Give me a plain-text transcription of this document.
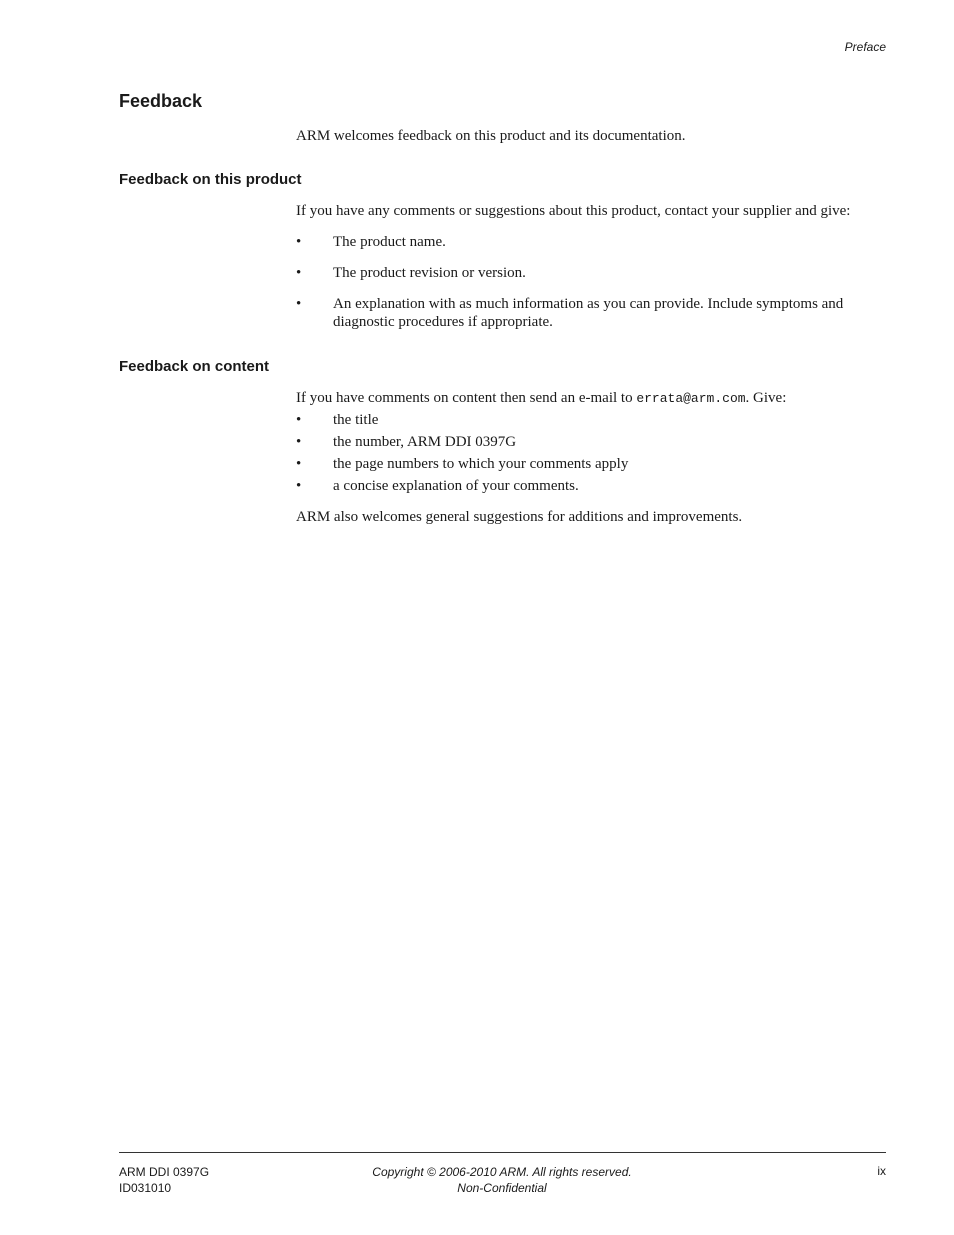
Preface
Feedback

ARM welcomes feedback on this product and its documentation.

Feedback on this product

If you have any comments or suggestions about this product, contact your supplier and give:

• The product name.
• The product revision or version.
• An explanation with as much information as you can provide. Include symptoms and diagnostic procedures if appropriate.
Feedback on content

If you have comments on content then send an e-mail to errata@arm.com. Give:

• the title
• the number, ARM DDI 0397G
• the page numbers to which your comments apply
• a concise explanation of your comments.

ARM also welcomes general suggestions for additions and improvements.

ARM DDI 0397G
ID031010
Copyright © 2006-2010 ARM. All rights reserved.
Non-Confidential
ix
